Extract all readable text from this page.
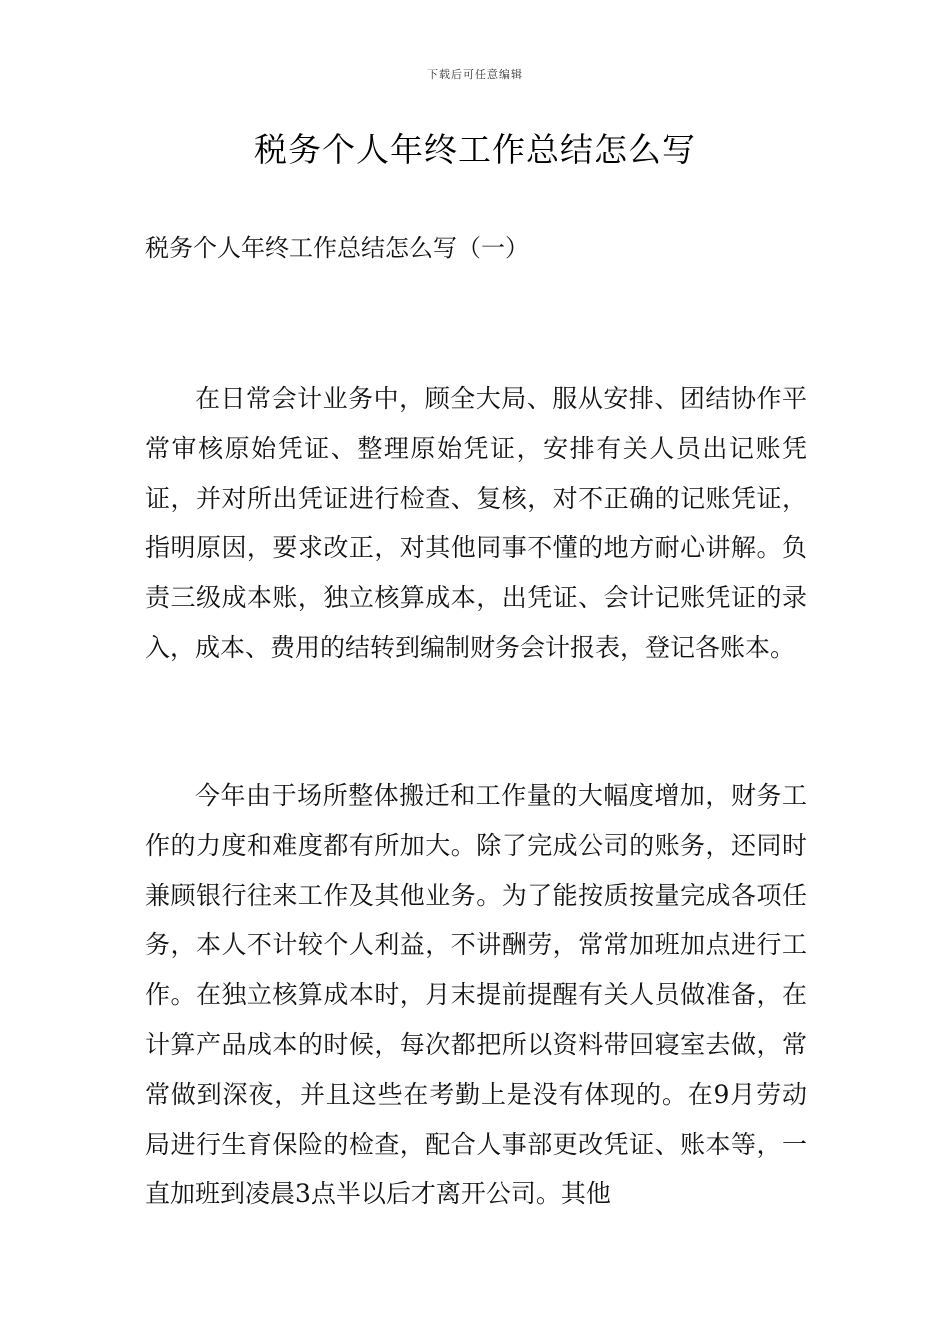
下载后可任意编辑
税务个人年终工作总结怎么写
税务个人年终工作总结怎么写（一）

在日常会计业务中，顾全大局、服从安排、团结协作平常审核原始凭证、整理原始凭证，安排有关人员出记账凭证，并对所出凭证进行检查、复核，对不正确的记账凭证，指明原因，要求改正，对其他同事不懂的地方耐心讲解。负责三级成本账，独立核算成本，出凭证、会计记账凭证的录入，成本、费用的结转到编制财务会计报表，登记各账本。

今年由于场所整体搬迁和工作量的大幅度增加，财务工作的力度和难度都有所加大。除了完成公司的账务，还同时兼顾银行往来工作及其他业务。为了能按质按量完成各项任务，本人不计较个人利益，不讲酬劳，常常加班加点进行工作。在独立核算成本时，月末提前提醒有关人员做准备，在计算产品成本的时候，每次都把所以资料带回寝室去做，常常做到深夜，并且这些在考勤上是没有体现的。在9月劳动局进行生育保险的检查，配合人事部更改凭证、账本等，一直加班到凌晨3点半以后才离开公司。其他
